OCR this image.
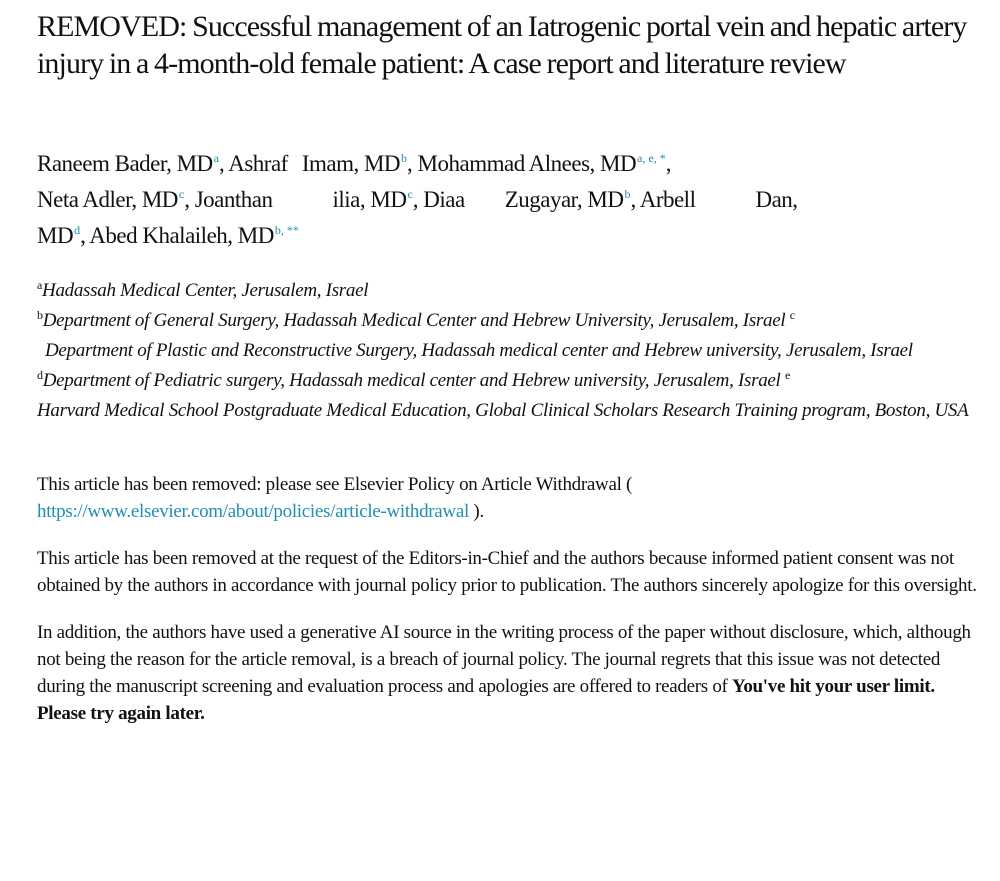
REMOVED: Successful management of an Iatrogenic portal vein and hepatic artery injury in a 4-month-old female patient: A case report and literature review
Raneem Bader, $MD^a$, Ashraf Imam, $MD^b$, Mohammad Alnees, $MD^{a, e, *}$,
Neta Adler, $MD^c$, Joanthan	ilia, $MD^c$, Diaa Zugayar, $MD^b$, Arbell	Dan,
$MD^d$, Abed Khalaileh, $MD^{b, **}$
$^a$Hadassah Medical Center, Jerusalem, Israel
$^b$Department of General Surgery, Hadassah Medical Center and Hebrew University, Jerusalem, Israel $^c$
Department of Plastic and Reconstructive Surgery, Hadassah medical center and Hebrew university, Jerusalem, Israel
$^d$Department of Pediatric surgery, Hadassah medical center and Hebrew university, Jerusalem, Israel $^e$
Harvard Medical School Postgraduate Medical Education, Global Clinical Scholars Research Training program, Boston, USA

This article has been removed: please see Elsevier Policy on Article Withdrawal (
https://www.elsevier.com/about/policies/article-withdrawal ).

This article has been removed at the request of the Editors-in-Chief and the authors because informed patient consent was not obtained by the authors in accordance with journal policy prior to publication. The authors sincerely apologize for this oversight.

In addition, the authors have used a generative AI source in the writing process of the paper without disclosure, which, although not being the reason for the article removal, is a breach of journal policy. The journal regrets that this issue was not detected during the manuscript screening and evaluation process and apologies are offered to readers of You've hit your user limit. Please try again later.
